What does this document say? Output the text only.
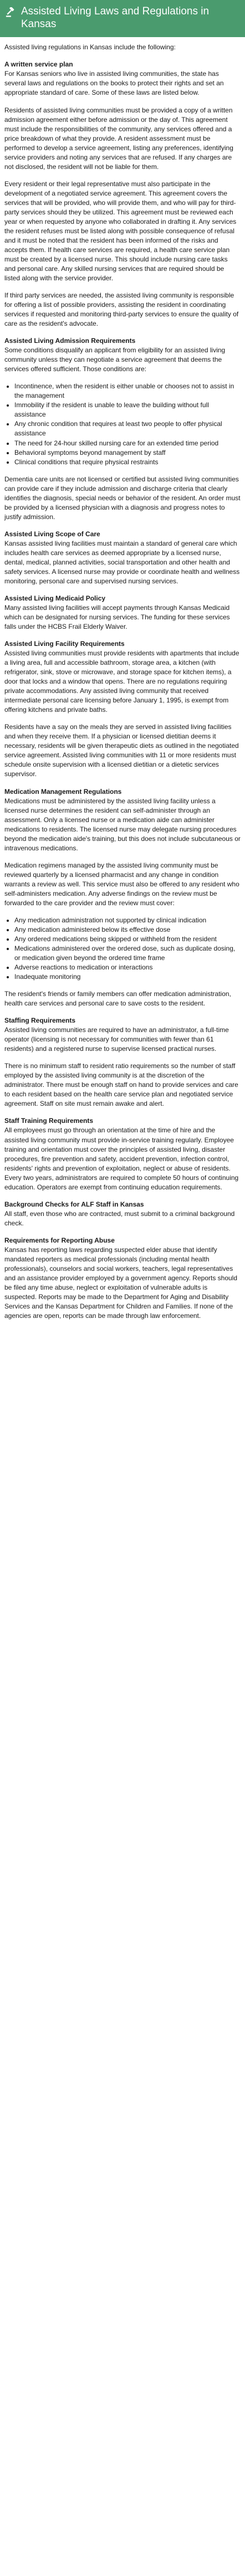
Assisted Living Laws and Regulations in Kansas

Assisted living regulations in Kansas include the following:

A written service plan

For Kansas seniors who live in assisted living communities, the state has several laws and regulations on the books to protect their rights and set an appropriate standard of care. Some of these laws are listed below.

Residents of assisted living communities must be provided a copy of a written admission agreement either before admission or the day of. This agreement must include the responsibilities of the community, any services offered and a price breakdown of what they provide. A resident assessment must be performed to develop a service agreement, listing any preferences, identifying service providers and noting any services that are refused. If any charges are not disclosed, the resident will not be liable for them.

Every resident or their legal representative must also participate in the development of a negotiated service agreement. This agreement covers the services that will be provided, who will provide them, and who will pay for third-party services should they be utilized. This agreement must be reviewed each year or when requested by anyone who collaborated in drafting it. Any services the resident refuses must be listed along with possible consequence of refusal and it must be noted that the resident has been informed of the risks and accepts them. If health care services are required, a health care service plan must be created by a licensed nurse. This should include nursing care tasks and personal care. Any skilled nursing services that are required should be listed along with the service provider.

If third party services are needed, the assisted living community is responsible for offering a list of possible providers, assisting the resident in coordinating services if requested and monitoring third-party services to ensure the quality of care as the resident's advocate.

Assisted Living Admission Requirements

Some conditions disqualify an applicant from eligibility for an assisted living community unless they can negotiate a service agreement that deems the services offered sufficient. Those conditions are:

• Incontinence, when the resident is either unable or chooses not to assist in the management
• Immobility if the resident is unable to leave the building without full assistance
• Any chronic condition that requires at least two people to offer physical assistance
• The need for 24-hour skilled nursing care for an extended time period
• Behavioral symptoms beyond management by staff
• Clinical conditions that require physical restraints

Dementia care units are not licensed or certified but assisted living communities can provide care if they include admission and discharge criteria that clearly identifies the diagnosis, special needs or behavior of the resident. An order must be provided by a licensed physician with a diagnosis and progress notes to justify admission.

Assisted Living Scope of Care

Kansas assisted living facilities must maintain a standard of general care which includes health care services as deemed appropriate by a licensed nurse, dental, medical, planned activities, social transportation and other health and safety services. A licensed nurse may provide or coordinate health and wellness monitoring, personal care and supervised nursing services.

Assisted Living Medicaid Policy

Many assisted living facilities will accept payments through Kansas Medicaid which can be designated for nursing services. The funding for these services falls under the HCBS Frail Elderly Waiver.

Assisted Living Facility Requirements

Assisted living communities must provide residents with apartments that include a living area, full and accessible bathroom, storage area, a kitchen (with refrigerator, sink, stove or microwave, and storage space for kitchen items), a door that locks and a window that opens. There are no regulations requiring private accommodations. Any assisted living community that received intermediate personal care licensing before January 1, 1995, is exempt from offering kitchens and private baths.

Residents have a say on the meals they are served in assisted living facilities and when they receive them. If a physician or licensed dietitian deems it necessary, residents will be given therapeutic diets as outlined in the negotiated service agreement. Assisted living communities with 11 or more residents must schedule onsite supervision with a licensed dietitian or a dietetic services supervisor.

Medication Management Regulations

Medications must be administered by the assisted living facility unless a licensed nurse determines the resident can self-administer through an assessment. Only a licensed nurse or a medication aide can administer medications to residents. The licensed nurse may delegate nursing procedures beyond the medication aide's training, but this does not include subcutaneous or intravenous medications.

Medication regimens managed by the assisted living community must be reviewed quarterly by a licensed pharmacist and any change in condition warrants a review as well. This service must also be offered to any resident who self-administers medication. Any adverse findings on the review must be forwarded to the care provider and the review must cover:

• Any medication administration not supported by clinical indication
• Any medication administered below its effective dose
• Any ordered medications being skipped or withheld from the resident
• Medications administered over the ordered dose, such as duplicate dosing, or medication given beyond the ordered time frame
• Adverse reactions to medication or interactions
• Inadequate monitoring

The resident's friends or family members can offer medication administration, health care services and personal care to save costs to the resident.

Staffing Requirements

Assisted living communities are required to have an administrator, a full-time operator (licensing is not necessary for communities with fewer than 61 residents) and a registered nurse to supervise licensed practical nurses.

There is no minimum staff to resident ratio requirements so the number of staff employed by the assisted living community is at the discretion of the administrator. There must be enough staff on hand to provide services and care to each resident based on the health care service plan and negotiated service agreement. Staff on site must remain awake and alert.

Staff Training Requirements

All employees must go through an orientation at the time of hire and the assisted living community must provide in-service training regularly. Employee training and orientation must cover the principles of assisted living, disaster procedures, fire prevention and safety, accident prevention, infection control, residents' rights and prevention of exploitation, neglect or abuse of residents. Every two years, administrators are required to complete 50 hours of continuing education. Operators are exempt from continuing education requirements.

Background Checks for ALF Staff in Kansas

All staff, even those who are contracted, must submit to a criminal background check.

Requirements for Reporting Abuse

Kansas has reporting laws regarding suspected elder abuse that identify mandated reporters as medical professionals (including mental health professionals), counselors and social workers, teachers, legal representatives and an assistance provider employed by a government agency. Reports should be filed any time abuse, neglect or exploitation of vulnerable adults is suspected. Reports may be made to the Department for Aging and Disability Services and the Kansas Department for Children and Families. If none of the agencies are open, reports can be made through law enforcement.
